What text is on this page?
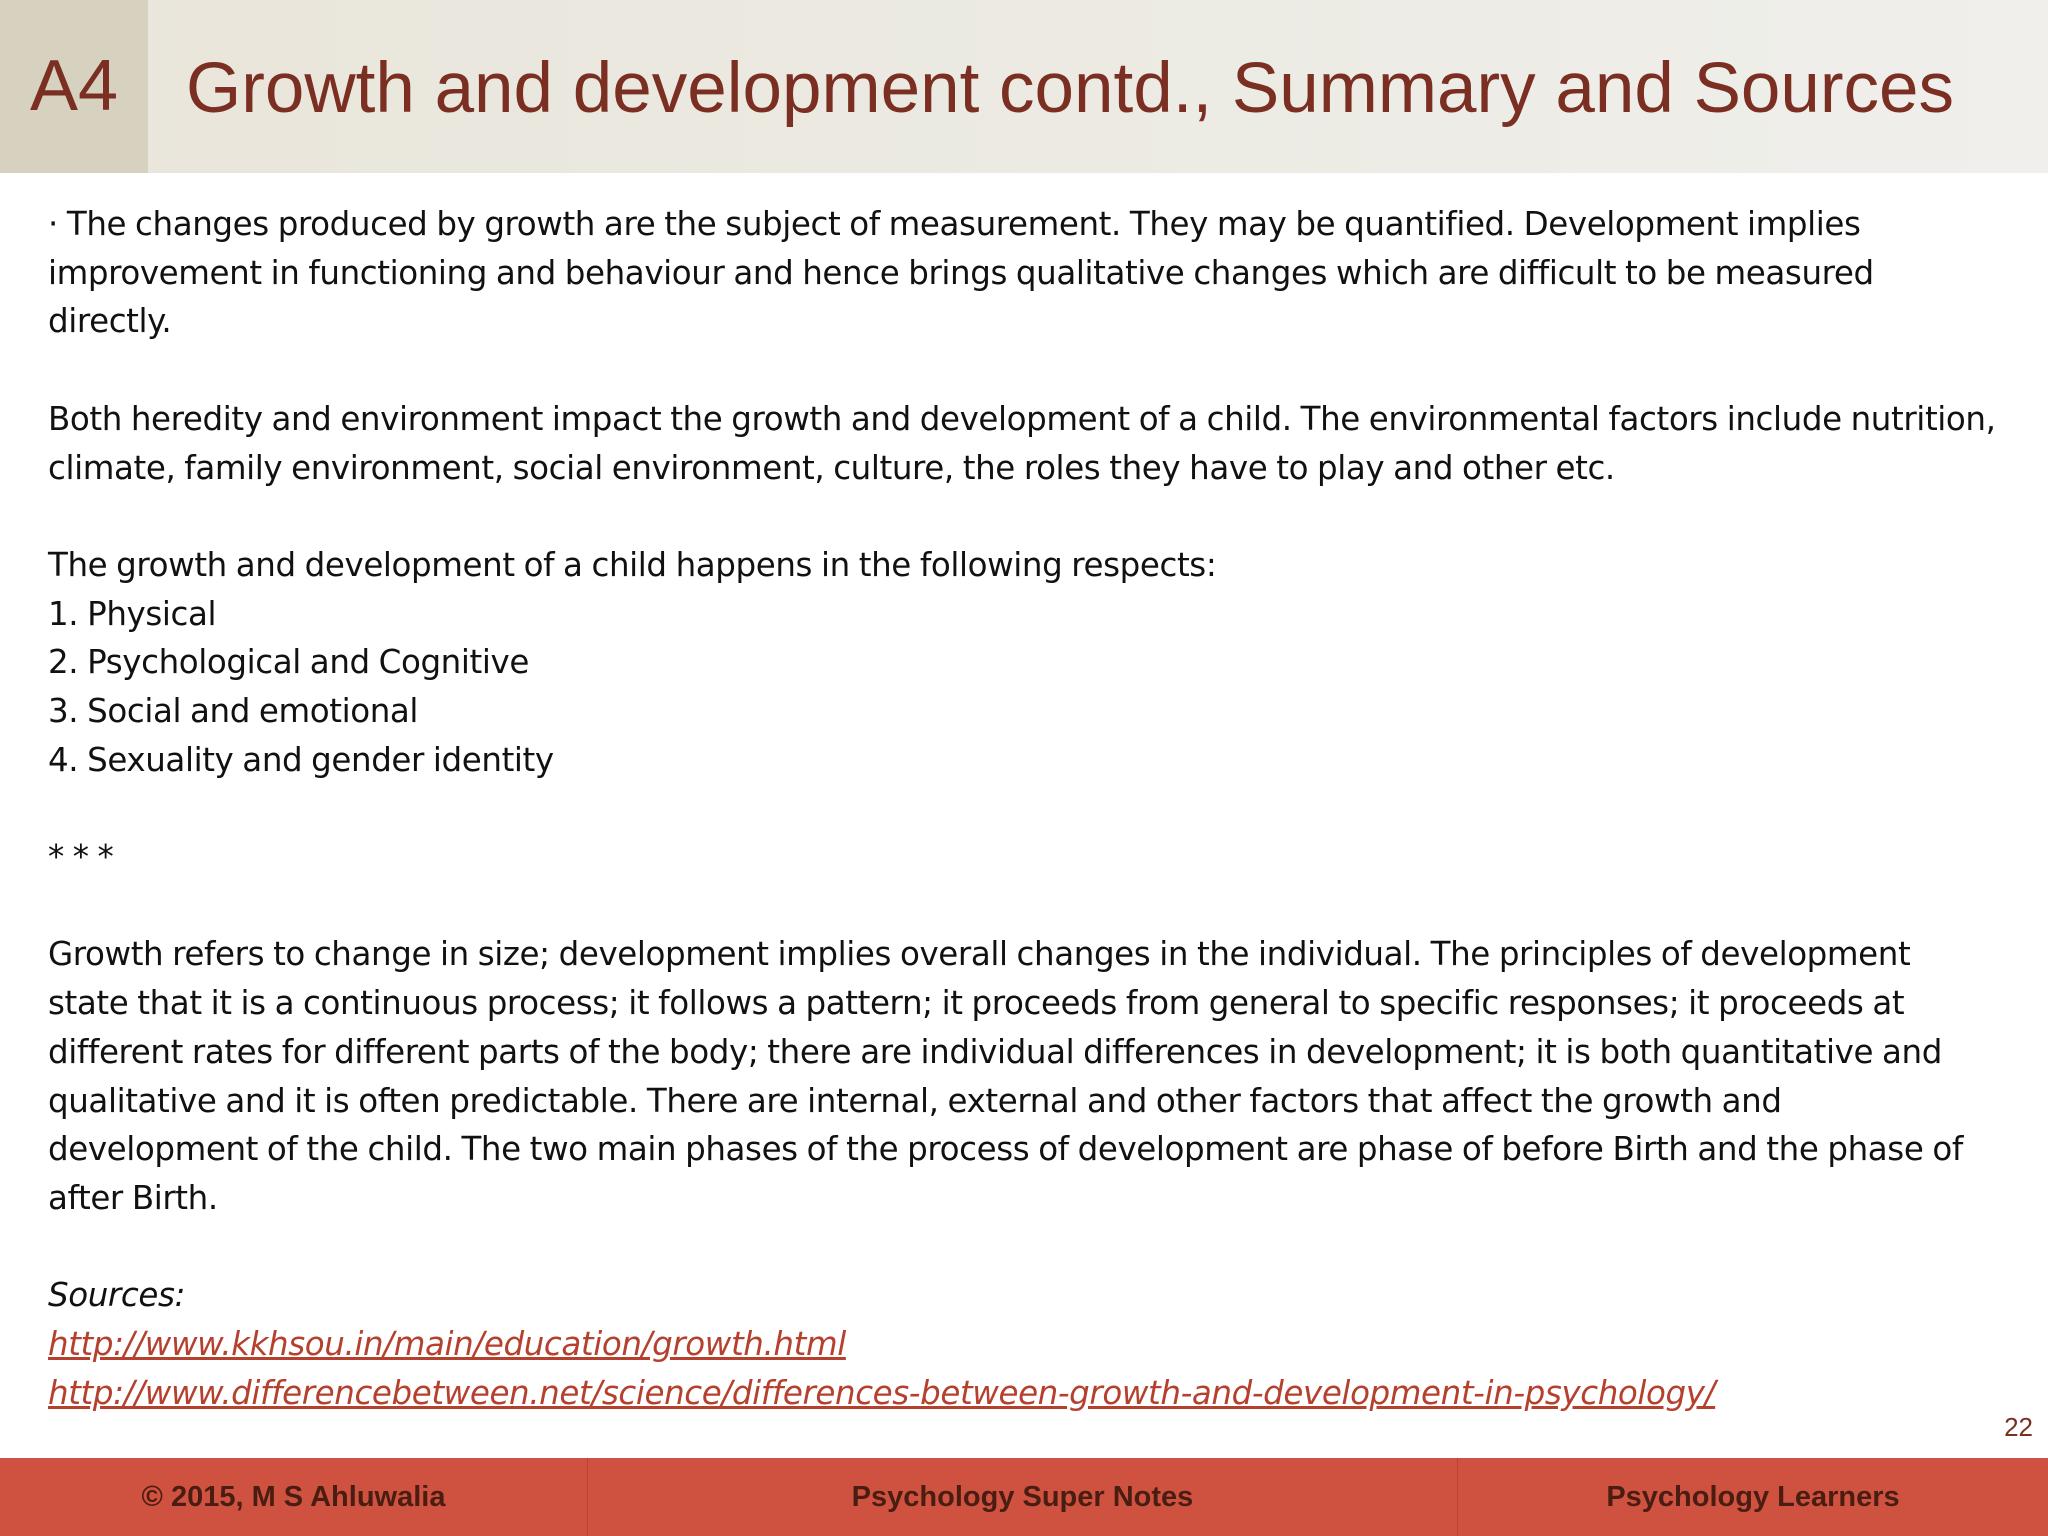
A4 Growth and development contd., Summary and Sources

· The changes produced by growth are the subject of measurement. They may be quantified. Development implies improvement in functioning and behaviour and hence brings qualitative changes which are difficult to be measured directly.

Both heredity and environment impact the growth and development of a child. The environmental factors include nutrition, climate, family environment, social environment, culture, the roles they have to play and other etc.

The growth and development of a child happens in the following respects:

1. Physical

2. Psychological and Cognitive

3. Social and emotional

4. Sexuality and gender identity

* * *

Growth refers to change in size; development implies overall changes in the individual. The principles of development state that it is a continuous process; it follows a pattern; it proceeds from general to specific responses; it proceeds at different rates for different parts of the body; there are individual differences in development; it is both quantitative and qualitative and it is often predictable. There are internal, external and other factors that affect the growth and development of the child. The two main phases of the process of development are phase of before Birth and the phase of after Birth.

Sources:

http://www.kkhsou.in/main/education/growth.html
http://www.differencebetween.net/science/differences-between-growth-and-development-in-psychology/
22
© 2015, M S Ahluwalia	Psychology Super Notes	Psychology Learners
